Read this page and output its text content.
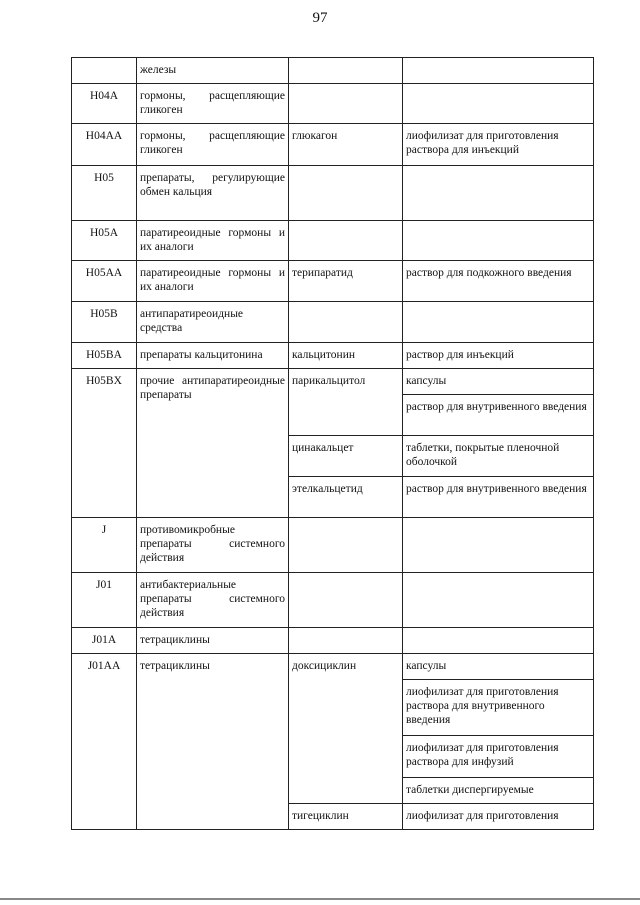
97
	железы		
H04A	гормоны, расщепляющие гликоген		
H04AA	гормоны, расщепляющие гликоген	глюкагон	лиофилизат для приготовления раствора для инъекций
H05	препараты, регулирующие обмен кальция		
H05A	паратиреоидные гормоны и их аналоги		
H05AA	паратиреоидные гормоны и их аналоги	терипаратид	раствор для подкожного введения
H05B	антипаратиреоидные средства		
H05BA	препараты кальцитонина	кальцитонин	раствор для инъекций
H05BX	прочие антипаратиреоидные препараты	парикальцитол	капсулы
			раствор для внутривенного введения
		цинакальцет	таблетки, покрытые пленочной оболочкой
		этелкальцетид	раствор для внутривенного введения
J	противомикробные препараты системного действия		
J01	антибактериальные препараты системного действия		
J01A	тетрациклины		
J01AA	тетрациклины	доксициклин	капсулы
			лиофилизат для приготовления раствора для внутривенного введения
			лиофилизат для приготовления раствора для инфузий
			таблетки диспергируемые
		тигециклин	лиофилизат для приготовления
